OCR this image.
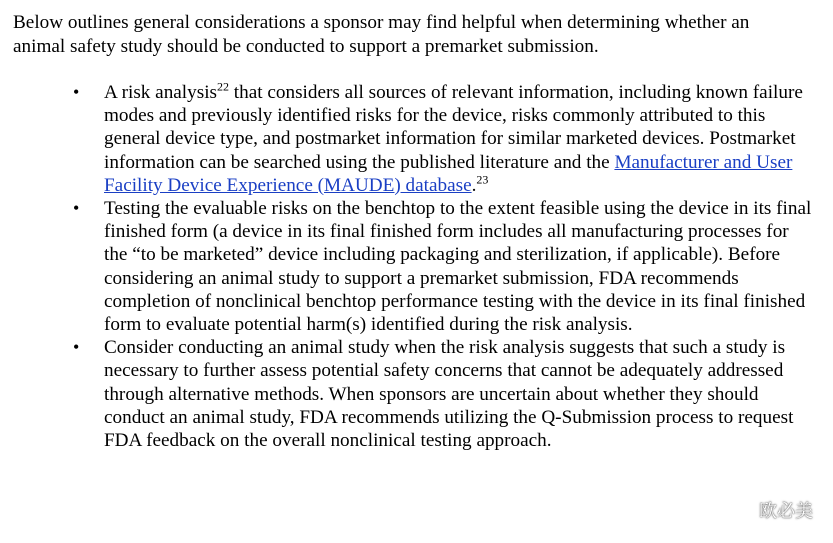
Below outlines general considerations a sponsor may find helpful when determining whether an animal safety study should be conducted to support a premarket submission.

• A risk analysis$^{22}$ that considers all sources of relevant information, including known failure modes and previously identified risks for the device, risks commonly attributed to this general device type, and postmarket information for similar marketed devices. Postmarket information can be searched using the published literature and the Manufacturer and User Facility Device Experience (MAUDE) database.$^{23}$
• Testing the evaluable risks on the benchtop to the extent feasible using the device in its final finished form (a device in its final finished form includes all manufacturing processes for the “to be marketed” device including packaging and sterilization, if applicable). Before considering an animal study to support a premarket submission, FDA recommends completion of nonclinical benchtop performance testing with the device in its final finished form to evaluate potential harm(s) identified during the risk analysis.
• Consider conducting an animal study when the risk analysis suggests that such a study is necessary to further assess potential safety concerns that cannot be adequately addressed through alternative methods. When sponsors are uncertain about whether they should conduct an animal study, FDA recommends utilizing the Q-Submission process to request FDA feedback on the overall nonclinical testing approach.
欧必美
